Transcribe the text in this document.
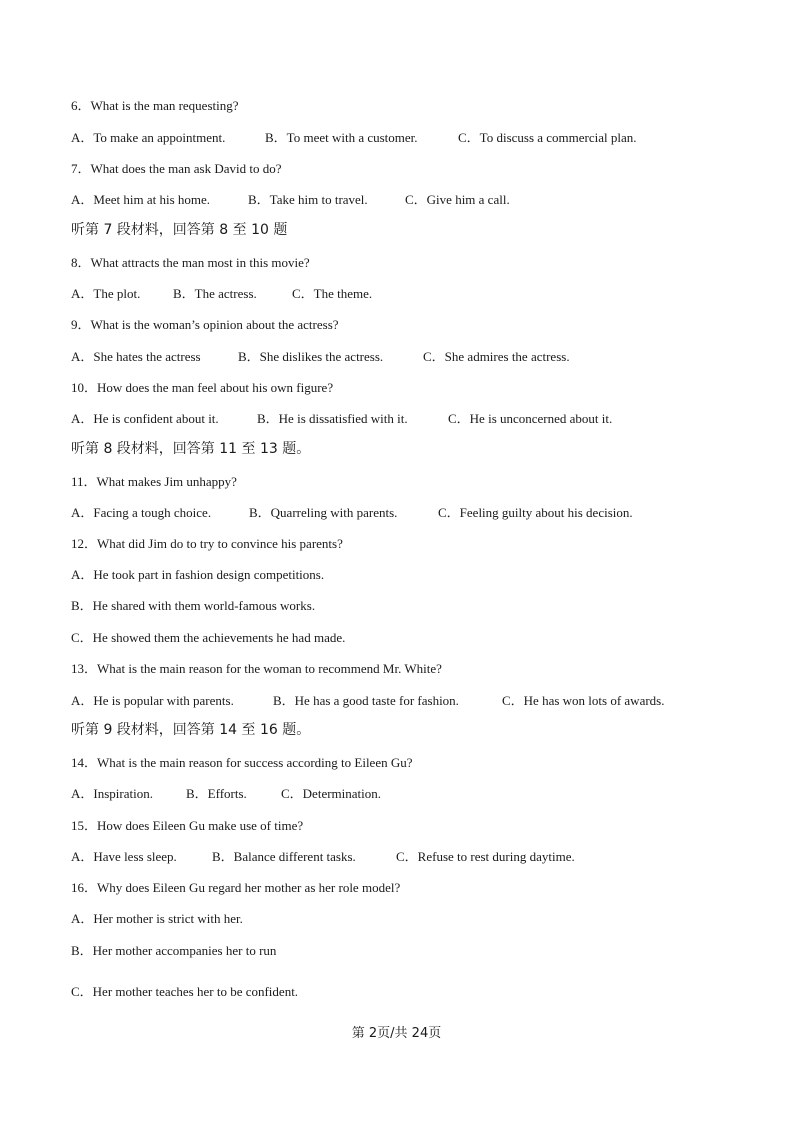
6．What is the man requesting?
A．To make an appointment.	B．To meet with a customer.	C．To discuss a commercial plan.
7．What does the man ask David to do?
A．Meet him at his home.	B．Take him to travel.	C．Give him a call.
听第 7 段材料，回答第 8 至 10 题
8．What attracts the man most in this movie?
A．The plot.	B．The actress.	C．The theme.
9．What is the woman’s opinion about the actress?
A．She hates the actress	B．She dislikes the actress.	C．She admires the actress.
10．How does the man feel about his own figure?
A．He is confident about it.	B．He is dissatisfied with it.	C．He is unconcerned about it.
听第 8 段材料，回答第 11 至 13 题。
11．What makes Jim unhappy?
A．Facing a tough choice.	B．Quarreling with parents.	C．Feeling guilty about his decision.
12．What did Jim do to try to convince his parents?
A．He took part in fashion design competitions.
B．He shared with them world-famous works.
C．He showed them the achievements he had made.
13．What is the main reason for the woman to recommend Mr. White?
A．He is popular with parents.	B．He has a good taste for fashion.	C．He has won lots of awards.
听第 9 段材料，回答第 14 至 16 题。
14．What is the main reason for success according to Eileen Gu?
A．Inspiration.	B．Efforts.	C．Determination.
15．How does Eileen Gu make use of time?
A．Have less sleep.	B．Balance different tasks.	C．Refuse to rest during daytime.
16．Why does Eileen Gu regard her mother as her role model?
A．Her mother is strict with her.
B．Her mother accompanies her to run
C．Her mother teaches her to be confident.
第 2页/共 24页
